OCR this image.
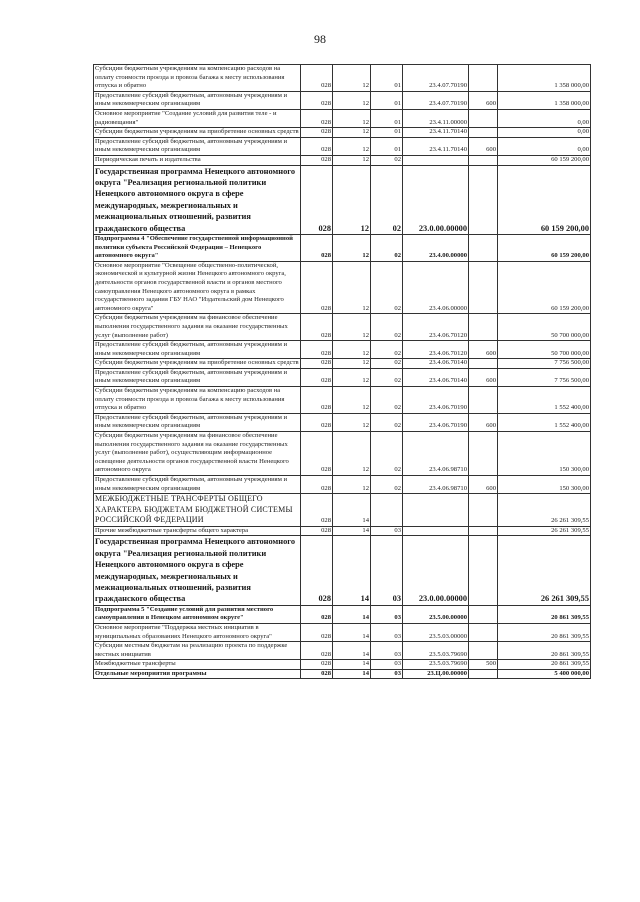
98
Субсидии бюджетным учреждениям на компенсацию расходов на оплату стоимости проезда и провоза багажа к месту использования отпуска и обратно	028	12	01	23.4.07.70190		1 358 000,00
Предоставление субсидий бюджетным, автономным учреждениям и иным некоммерческим организациям	028	12	01	23.4.07.70190	600	1 358 000,00
Основное мероприятие "Создание условий для развития теле - и радиовещания"	028	12	01	23.4.11.00000		0,00
Субсидии бюджетным учреждениям на приобретение основных средств	028	12	01	23.4.11.70140		0,00
Предоставление субсидий бюджетным, автономным учреждениям и иным некоммерческим организациям	028	12	01	23.4.11.70140	600	0,00
Периодическая печать и издательства	028	12	02			60 159 200,00
Государственная программа Ненецкого автономного округа "Реализация региональной политики Ненецкого автономного округа в сфере международных, межрегиональных и межнациональных отношений, развития гражданского общества	028	12	02	23.0.00.00000		60 159 200,00
Подпрограмма 4 "Обеспечение государственной информационной политики субъекта Российской Федерации – Ненецкого автономного округа"	028	12	02	23.4.00.00000		60 159 200,00
Основное мероприятие "Освещение общественно-политической, экономической и культурной жизни Ненецкого автономного округа, деятельности органов государственной власти и органов местного самоуправления Ненецкого автономного округа в рамках государственного задания ГБУ НАО "Издательский дом Ненецкого автономного округа"	028	12	02	23.4.06.00000		60 159 200,00
Субсидии бюджетным учреждениям на финансовое обеспечение выполнения государственного задания на оказание государственных услуг (выполнение работ)	028	12	02	23.4.06.70120		50 700 000,00
Предоставление субсидий бюджетным, автономным учреждениям и иным некоммерческим организациям	028	12	02	23.4.06.70120	600	50 700 000,00
Субсидии бюджетным учреждениям на приобретение основных средств	028	12	02	23.4.06.70140		7 756 500,00
Предоставление субсидий бюджетным, автономным учреждениям и иным некоммерческим организациям	028	12	02	23.4.06.70140	600	7 756 500,00
Субсидии бюджетным учреждениям на компенсацию расходов на оплату стоимости проезда и провоза багажа к месту использования отпуска и обратно	028	12	02	23.4.06.70190		1 552 400,00
Предоставление субсидий бюджетным, автономным учреждениям и иным некоммерческим организациям	028	12	02	23.4.06.70190	600	1 552 400,00
Субсидии бюджетным учреждениям на финансовое обеспечение выполнения государственного задания на оказание государственных услуг (выполнение работ), осуществляющим информационное освещение деятельности органов государственной власти Ненецкого автономного округа	028	12	02	23.4.06.98710		150 300,00
Предоставление субсидий бюджетным, автономным учреждениям и иным некоммерческим организациям	028	12	02	23.4.06.98710	600	150 300,00
МЕЖБЮДЖЕТНЫЕ ТРАНСФЕРТЫ ОБЩЕГО ХАРАКТЕРА БЮДЖЕТАМ БЮДЖЕТНОЙ СИСТЕМЫ РОССИЙСКОЙ ФЕДЕРАЦИИ	028	14				26 261 309,55
Прочие межбюджетные трансферты общего характера	028	14	03			26 261 309,55
Государственная программа Ненецкого автономного округа "Реализация региональной политики Ненецкого автономного округа в сфере международных, межрегиональных и межнациональных отношений, развития гражданского общества	028	14	03	23.0.00.00000		26 261 309,55
Подпрограмма 5 "Создание условий для развития местного самоуправления в Ненецком автономном округе"	028	14	03	23.5.00.00000		20 861 309,55
Основное мероприятие "Поддержка местных инициатив в муниципальных образованиях Ненецкого автономного округа"	028	14	03	23.5.03.00000		20 861 309,55
Субсидии местным бюджетам на реализацию проекта по поддержке местных инициатив	028	14	03	23.5.03.79690		20 861 309,55
Межбюджетные трансферты	028	14	03	23.5.03.79690	500	20 861 309,55
Отдельные мероприятия программы	028	14	03	23.Ц.00.00000		5 400 000,00
